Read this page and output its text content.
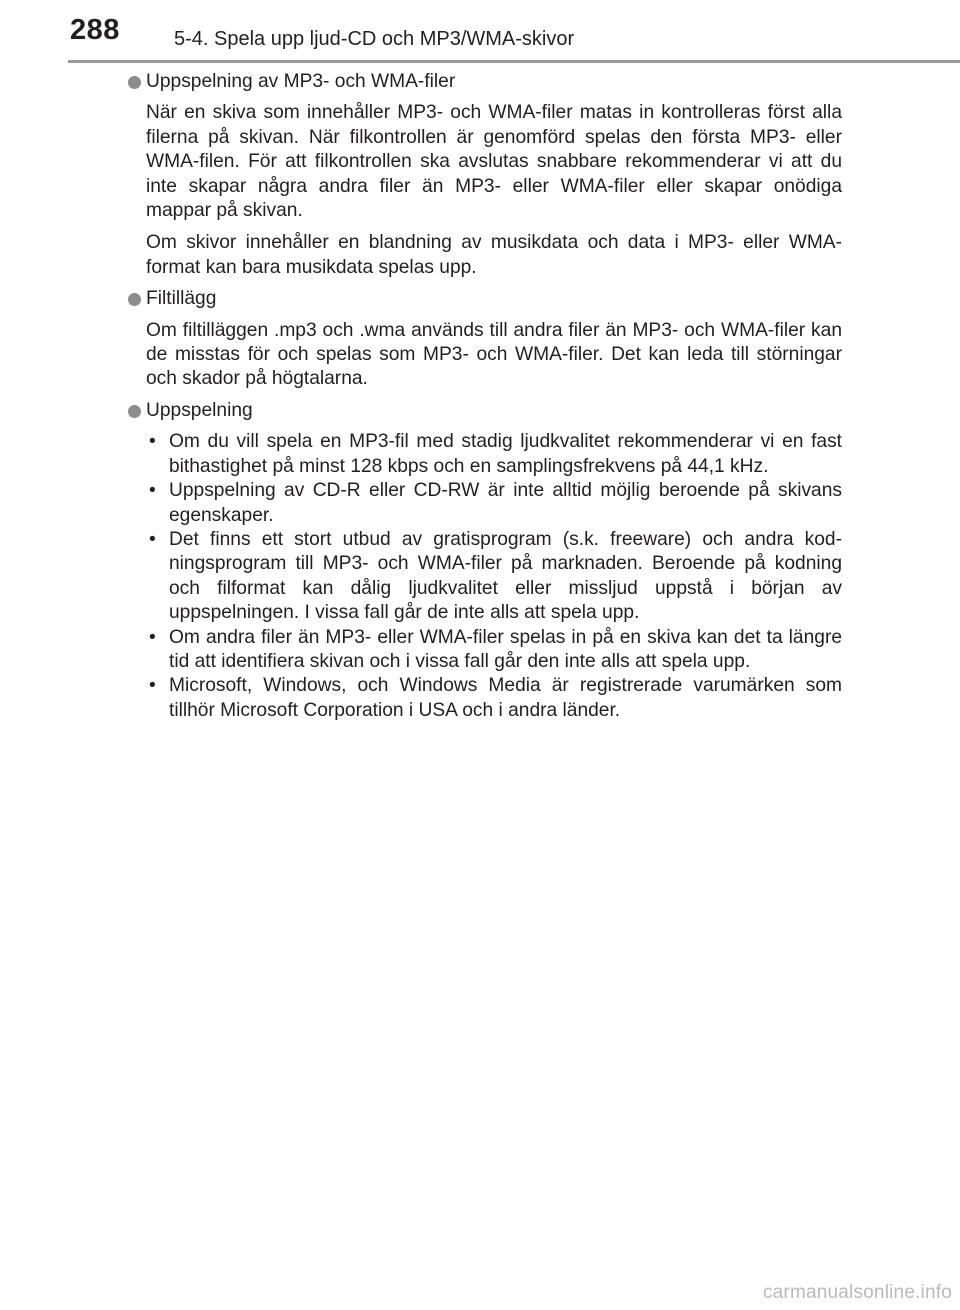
288	5-4. Spela upp ljud-CD och MP3/WMA-skivor

Uppspelning av MP3- och WMA-filer

När en skiva som innehåller MP3- och WMA-filer matas in kontrolleras först alla filerna på skivan. När filkontrollen är genomförd spelas den första MP3- eller WMA-filen. För att filkontrollen ska avslutas snabbare rekommenderar vi att du inte skapar några andra filer än MP3- eller WMA-filer eller skapar onödiga mappar på skivan.

Om skivor innehåller en blandning av musikdata och data i MP3- eller WMA-format kan bara musikdata spelas upp.

Filtillägg

Om filtilläggen .mp3 och .wma används till andra filer än MP3- och WMA-filer kan de misstas för och spelas som MP3- och WMA-filer. Det kan leda till störningar och skador på högtalarna.

Uppspelning

• Om du vill spela en MP3-fil med stadig ljudkvalitet rekommenderar vi en fast bithastighet på minst 128 kbps och en samplingsfrekvens på 44,1 kHz.
• Uppspelning av CD-R eller CD-RW är inte alltid möjlig beroende på skivans egenskaper.
• Det finns ett stort utbud av gratisprogram (s.k. freeware) och andra kodningsprogram till MP3- och WMA-filer på marknaden. Beroende på kodning och filformat kan dålig ljudkvalitet eller missljud uppstå i början av uppspelningen. I vissa fall går de inte alls att spela upp.
• Om andra filer än MP3- eller WMA-filer spelas in på en skiva kan det ta längre tid att identifiera skivan och i vissa fall går den inte alls att spela upp.
• Microsoft, Windows, och Windows Media är registrerade varumärken som tillhör Microsoft Corporation i USA och i andra länder.
carmanualsonline.info
